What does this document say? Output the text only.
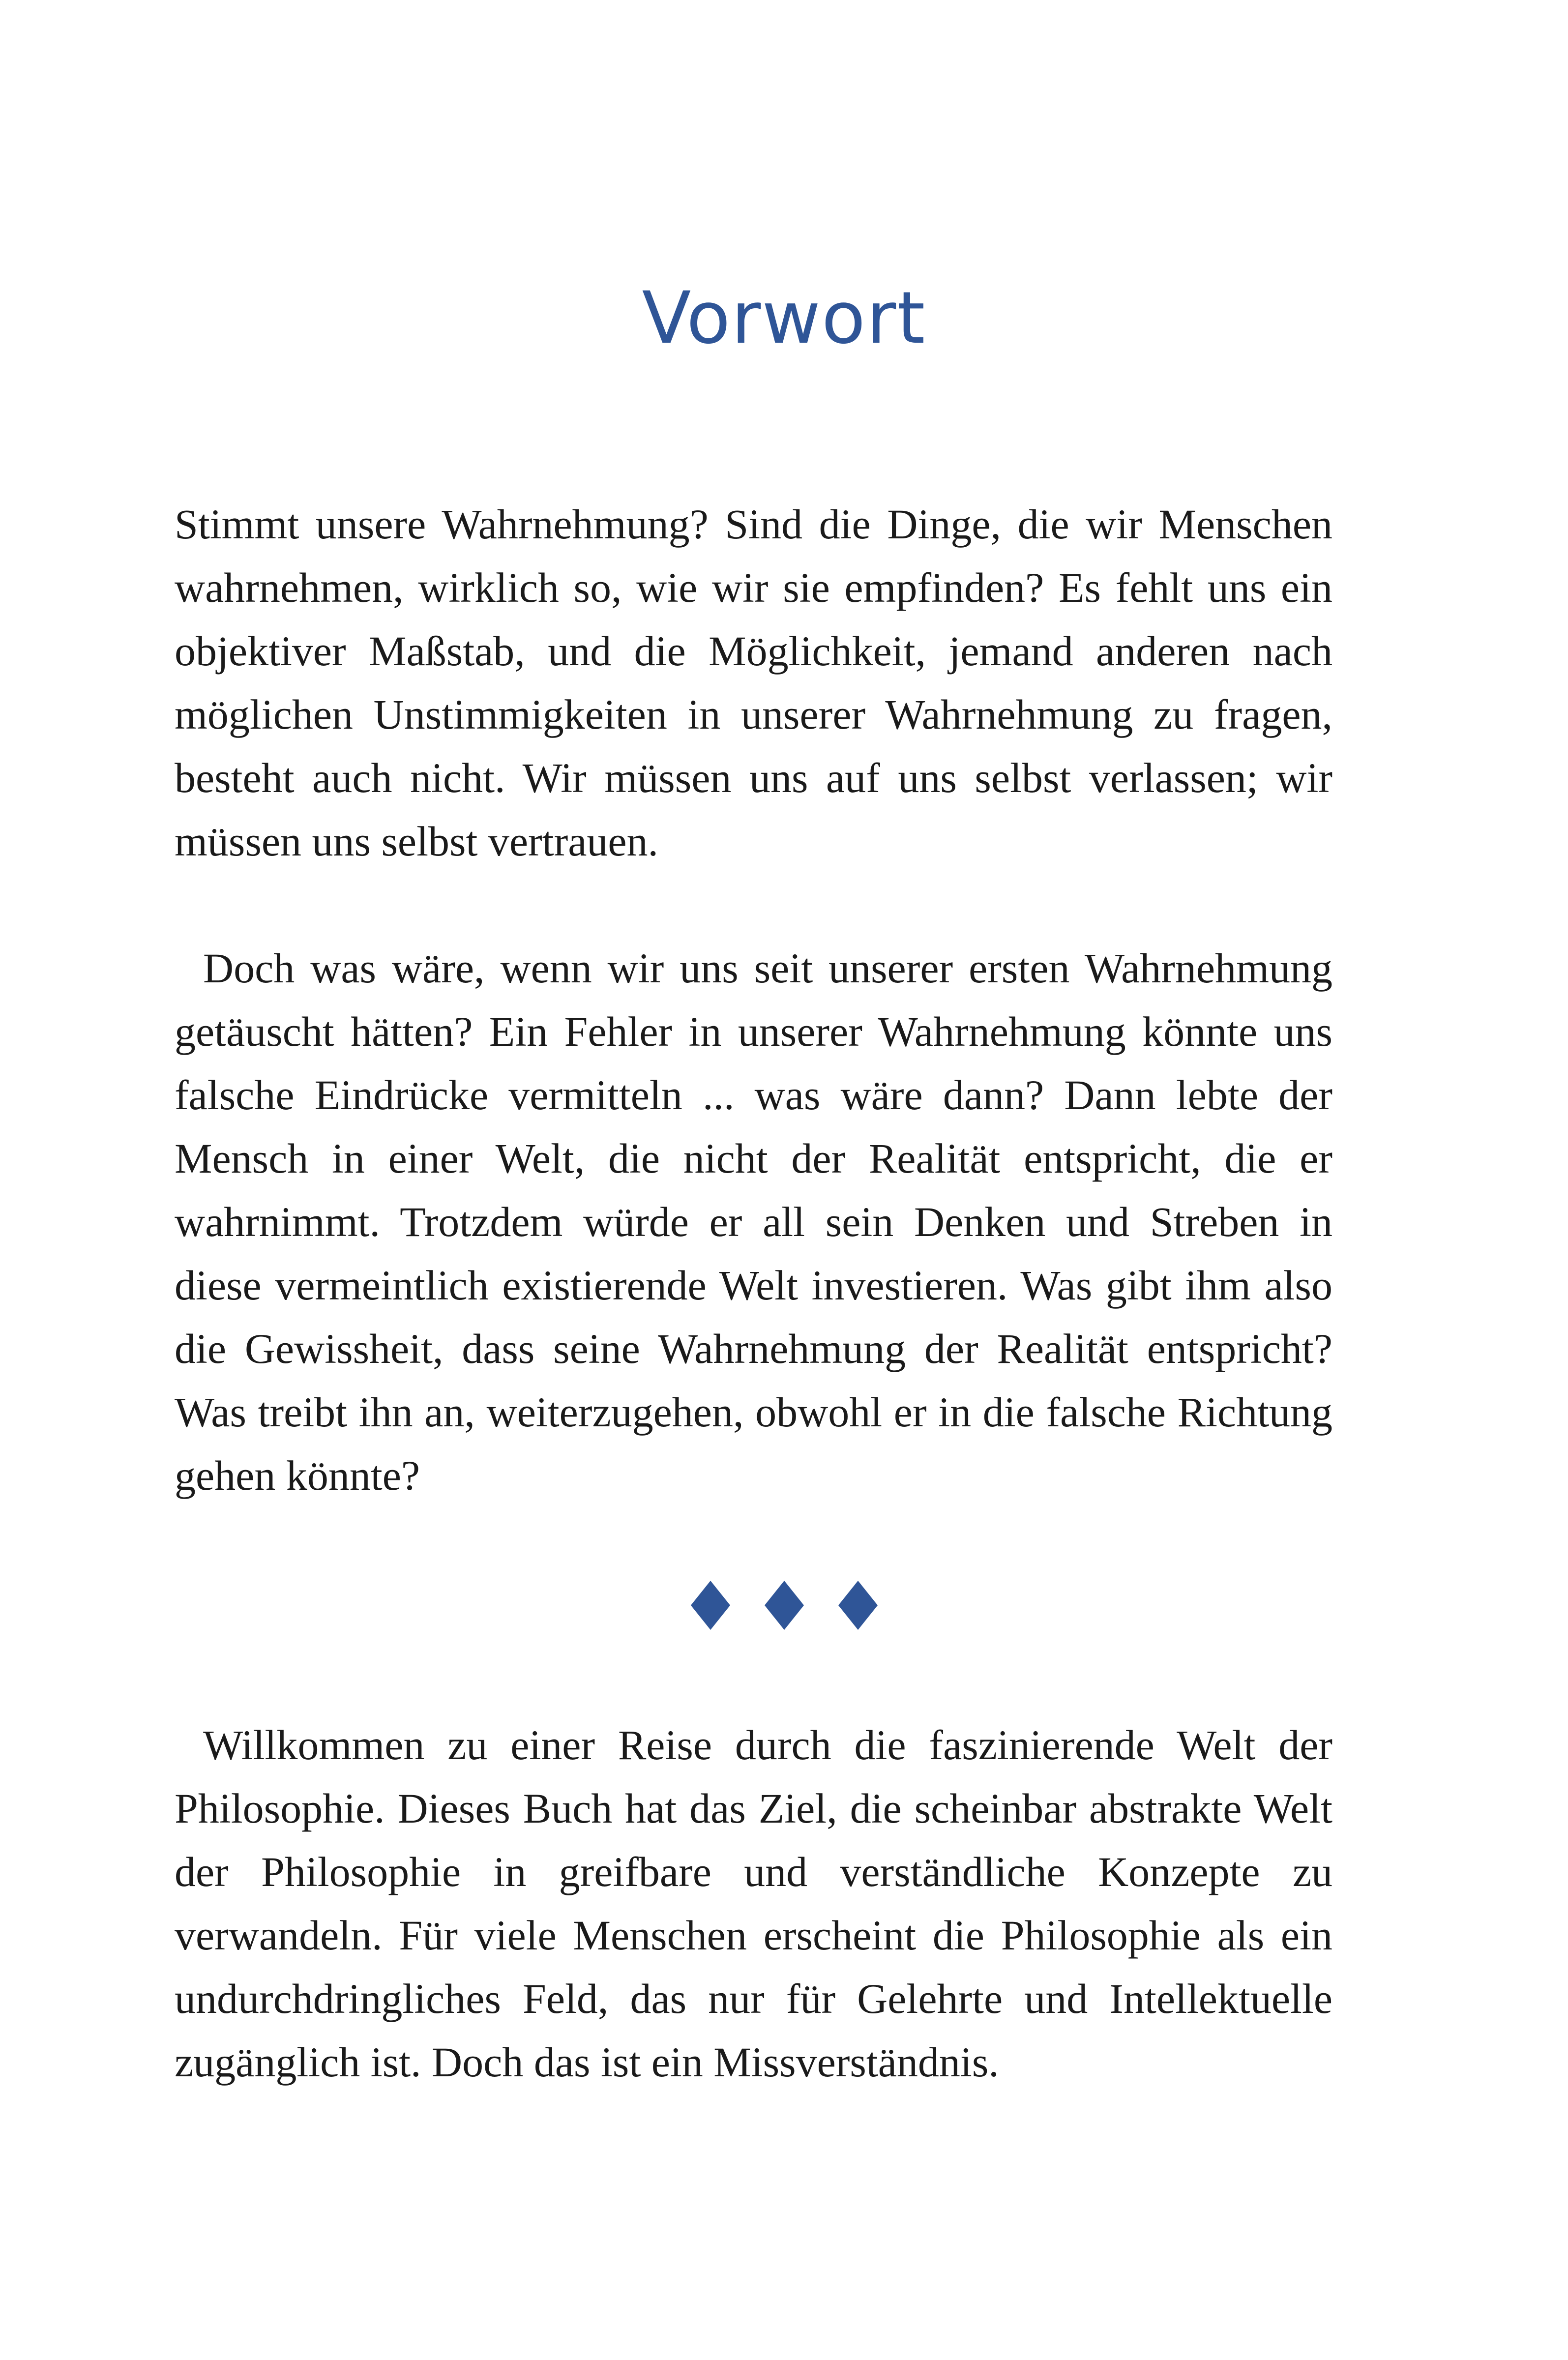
Vorwort

Stimmt unsere Wahrnehmung? Sind die Dinge, die wir Menschen wahrnehmen, wirklich so, wie wir sie empfinden? Es fehlt uns ein objektiver Maßstab, und die Möglichkeit, jemand anderen nach möglichen Unstimmigkeiten in unserer Wahrnehmung zu fragen, besteht auch nicht. Wir müssen uns auf uns selbst verlassen; wir müssen uns selbst vertrauen.

Doch was wäre, wenn wir uns seit unserer ersten Wahrnehmung getäuscht hätten? Ein Fehler in unserer Wahrnehmung könnte uns falsche Eindrücke vermitteln ... was wäre dann? Dann lebte der Mensch in einer Welt, die nicht der Realität entspricht, die er wahrnimmt. Trotzdem würde er all sein Denken und Streben in diese vermeintlich existierende Welt investieren. Was gibt ihm also die Gewissheit, dass seine Wahrnehmung der Realität entspricht? Was treibt ihn an, weiterzugehen, obwohl er in die falsche Richtung gehen könnte?

Willkommen zu einer Reise durch die faszinierende Welt der Philosophie. Dieses Buch hat das Ziel, die scheinbar abstrakte Welt der Philosophie in greifbare und verständliche Konzepte zu verwandeln. Für viele Menschen erscheint die Philosophie als ein undurchdringliches Feld, das nur für Gelehrte und Intellektuelle zugänglich ist. Doch das ist ein Missverständnis.
